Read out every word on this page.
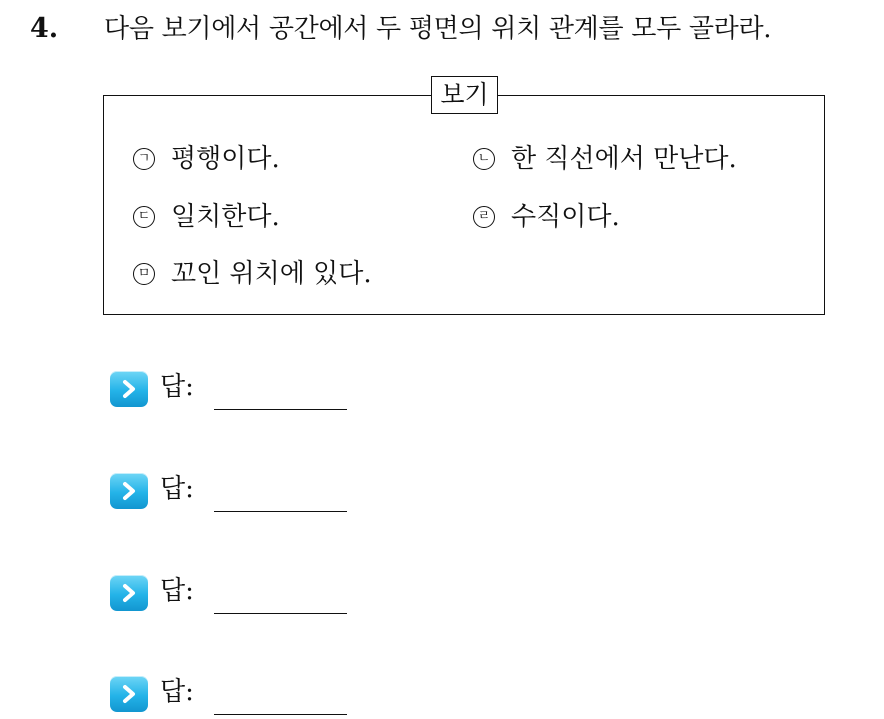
4. 다음 보기에서 공간에서 두 평면의 위치 관계를 모두 골라라.
보기
ㄱ 평행이다.	ㄴ 한 직선에서 만난다.
ㄷ 일치한다.	ㄹ 수직이다.
ㅁ 꼬인 위치에 있다.
답:
답:
답:
답:
